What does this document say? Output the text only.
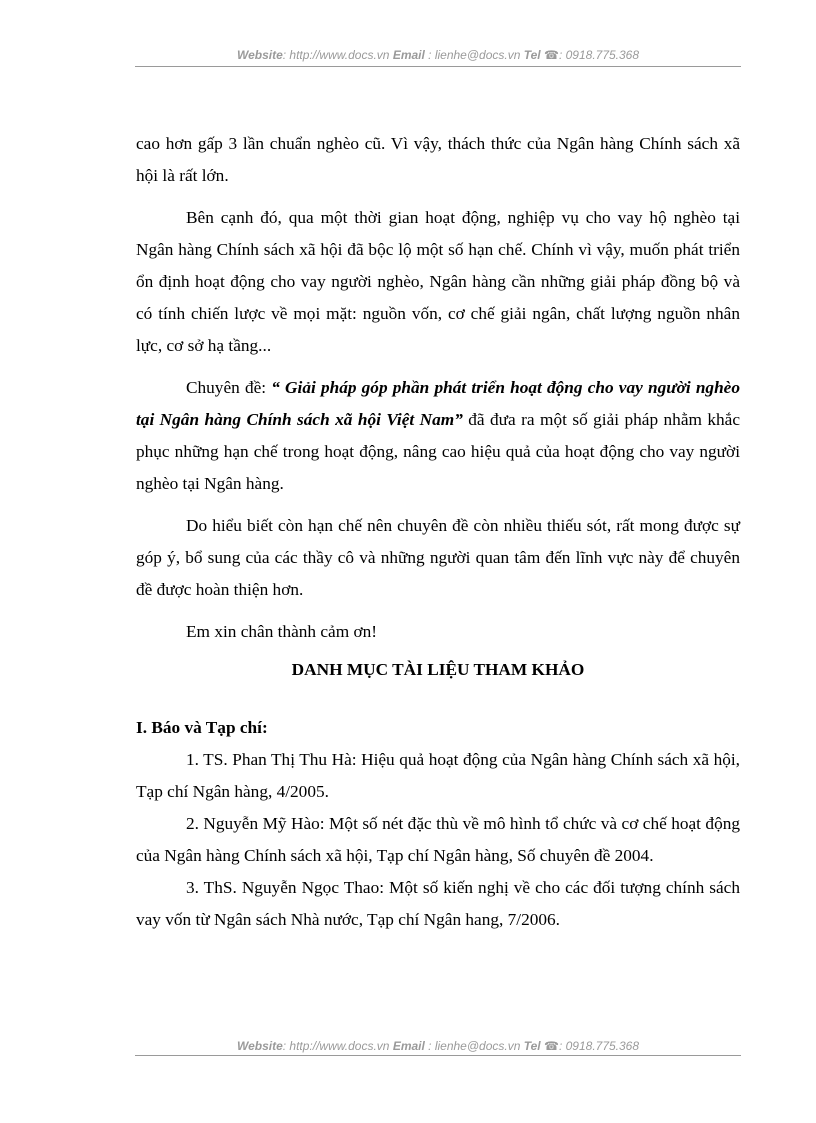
Website: http://www.docs.vn Email : lienhe@docs.vn Tel ☎: 0918.775.368

cao hơn gấp 3 lần chuẩn nghèo cũ. Vì vậy, thách thức của Ngân hàng Chính sách xã hội là rất lớn.

Bên cạnh đó, qua một thời gian hoạt động, nghiệp vụ cho vay hộ nghèo tại Ngân hàng Chính sách xã hội đã bộc lộ một số hạn chế. Chính vì vậy, muốn phát triển ổn định hoạt động cho vay người nghèo, Ngân hàng cần những giải pháp đồng bộ và có tính chiến lược về mọi mặt: nguồn vốn, cơ chế giải ngân, chất lượng nguồn nhân lực, cơ sở hạ tầng...

Chuyên đề: “ Giải pháp góp phần phát triển hoạt động cho vay người nghèo tại Ngân hàng Chính sách xã hội Việt Nam” đã đưa ra một số giải pháp nhằm khắc phục những hạn chế trong hoạt động, nâng cao hiệu quả của hoạt động cho vay người nghèo tại Ngân hàng.

Do hiểu biết còn hạn chế nên chuyên đề còn nhiều thiếu sót, rất mong được sự góp ý, bổ sung của các thầy cô và những người quan tâm đến lĩnh vực này để chuyên đề được hoàn thiện hơn.

Em xin chân thành cảm ơn!

DANH MỤC TÀI LIỆU THAM KHẢO

I. Báo và Tạp chí:

1. TS. Phan Thị Thu Hà: Hiệu quả hoạt động của Ngân hàng Chính sách xã hội, Tạp chí Ngân hàng, 4/2005.

2. Nguyễn Mỹ Hào: Một số nét đặc thù về mô hình tổ chức và cơ chế hoạt động của Ngân hàng Chính sách xã hội, Tạp chí Ngân hàng, Số chuyên đề 2004.

3. ThS. Nguyễn Ngọc Thao: Một số kiến nghị về cho các đối tượng chính sách vay vốn từ Ngân sách Nhà nước, Tạp chí Ngân hang, 7/2006.

Website: http://www.docs.vn Email : lienhe@docs.vn Tel ☎: 0918.775.368
